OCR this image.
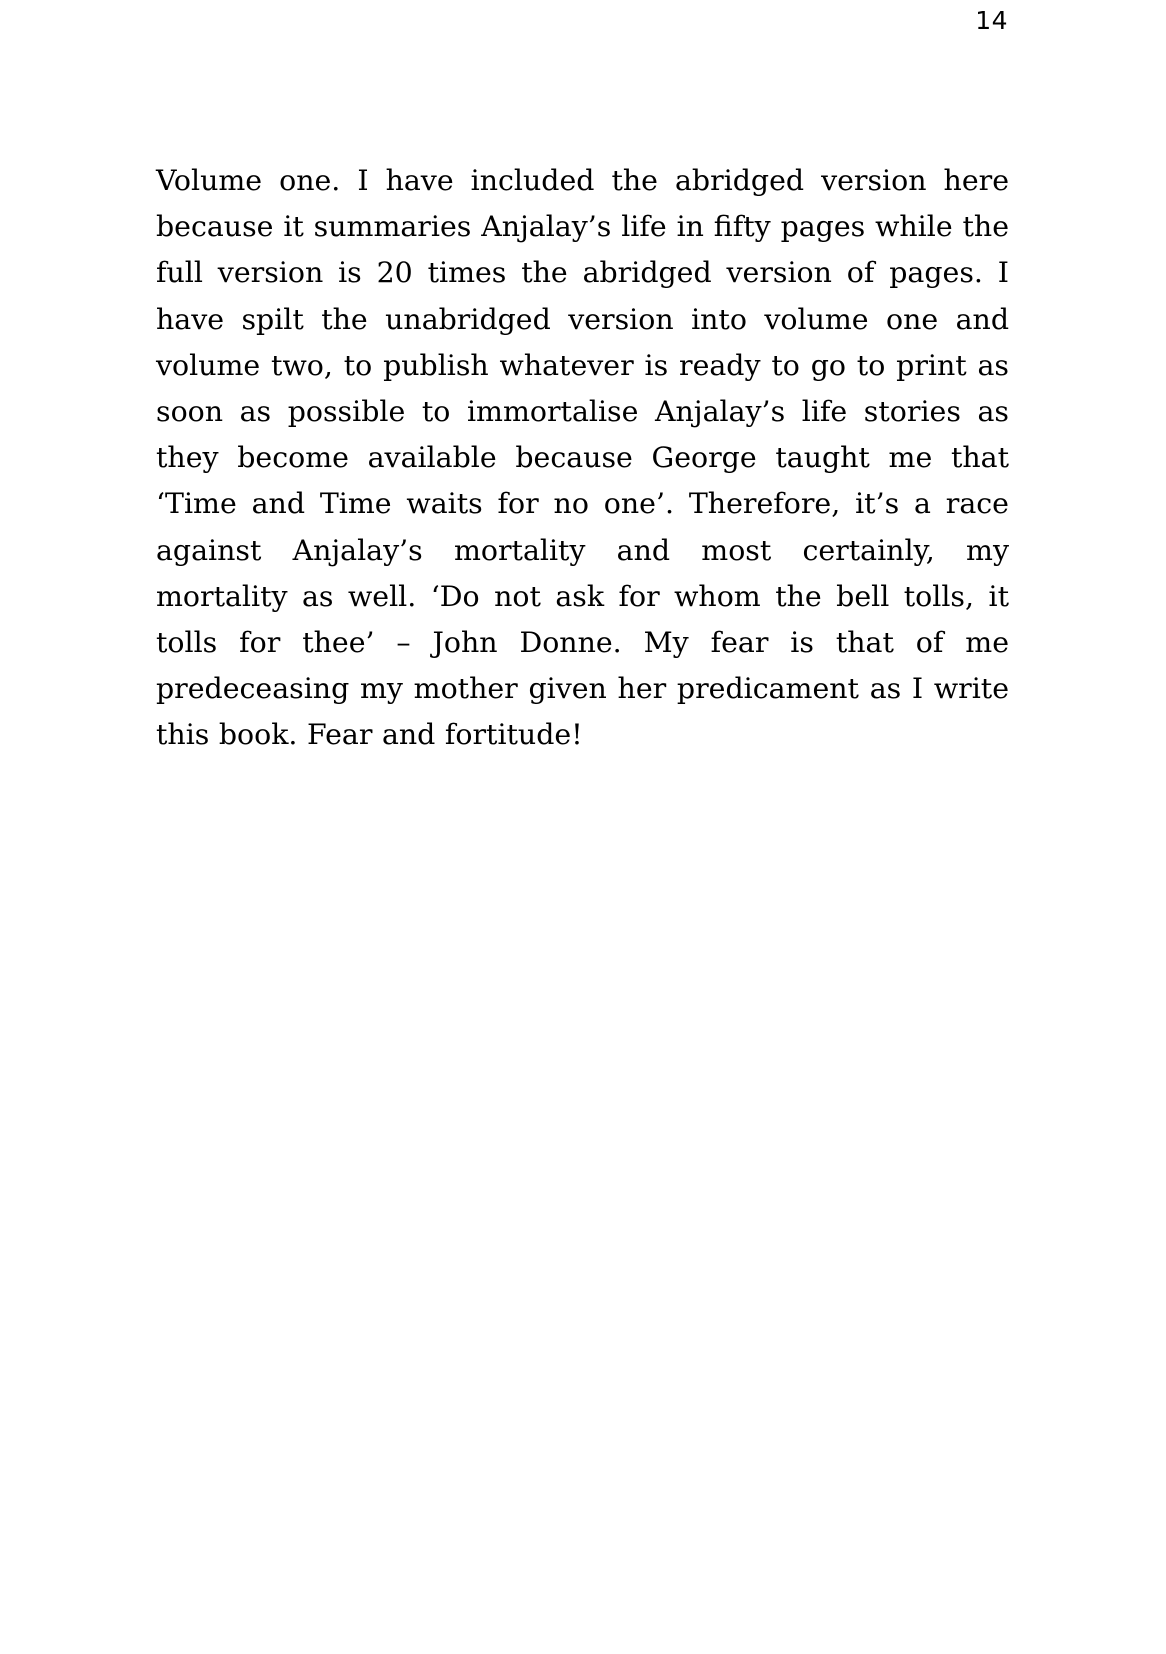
14

Volume one. I have included the abridged version here because it summaries Anjalay’s life in fifty pages while the full version is 20 times the abridged version of pages. I have spilt the unabridged version into volume one and volume two, to publish whatever is ready to go to print as soon as possible to immortalise Anjalay’s life stories as they become available because George taught me that ‘Time and Time waits for no one’. Therefore, it’s a race against Anjalay’s mortality and most certainly, my mortality as well. ‘Do not ask for whom the bell tolls, it tolls for thee’ – John Donne. My fear is that of me predeceasing my mother given her predicament as I write this book. Fear and fortitude!
